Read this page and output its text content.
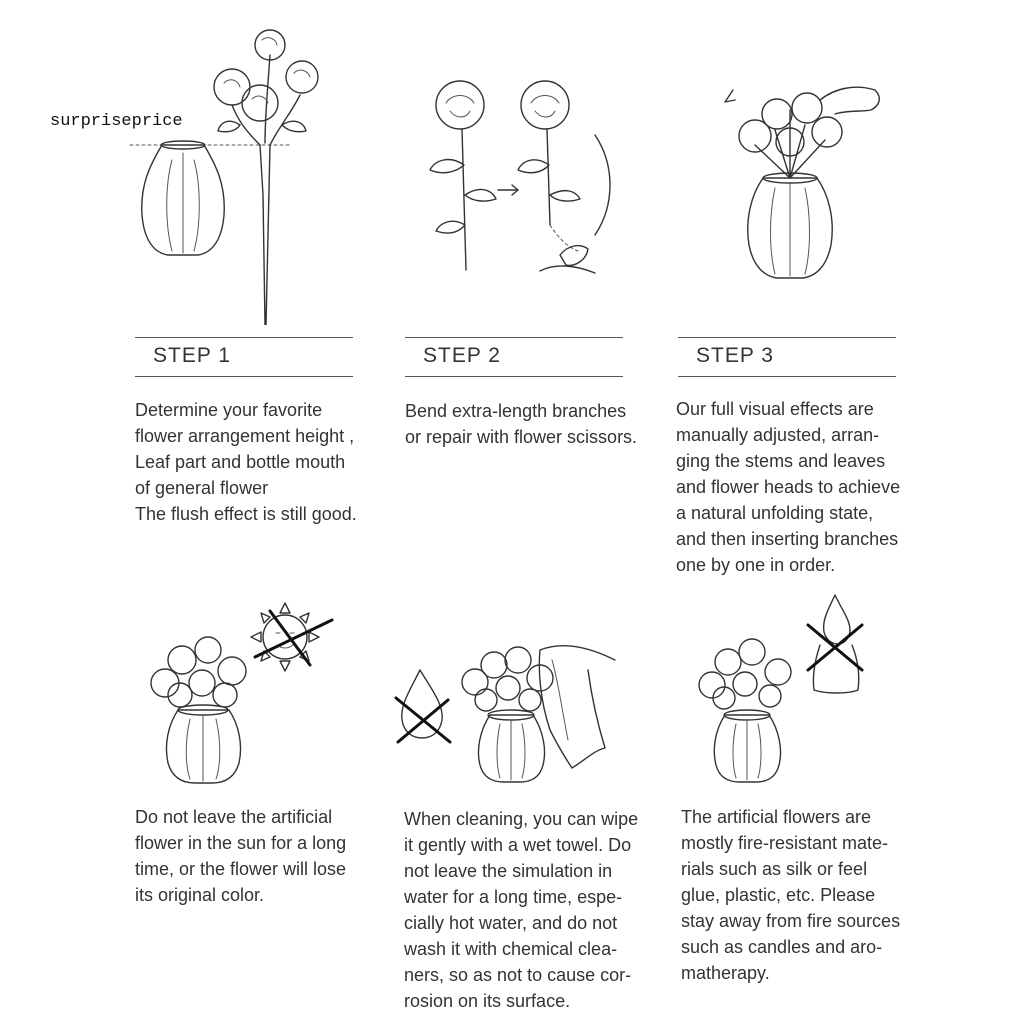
surpriseprice
STEP 1	STEP 2	STEP 3
Determine your favorite
flower arrangement height ,
Leaf part and bottle mouth
of general flower
The flush effect is still good.
Bend extra-length branches
or repair with flower scissors.
Our full visual effects are
manually adjusted, arran-
ging the stems and leaves
and flower heads to achieve
a natural unfolding state,
and then inserting branches
one by one in order.
Do not leave the artificial
flower in the sun for a long
time, or the flower will lose
its original color.
When cleaning, you can wipe
it gently with a wet towel. Do
not leave the simulation in
water for a long time, espe-
cially hot water, and do not
wash it with chemical clea-
ners, so as not to cause cor-
rosion on its surface.
The artificial flowers are
mostly fire-resistant mate-
rials such as silk or feel
glue, plastic, etc. Please
stay away from fire sources
such as candles and aro-
matherapy.
